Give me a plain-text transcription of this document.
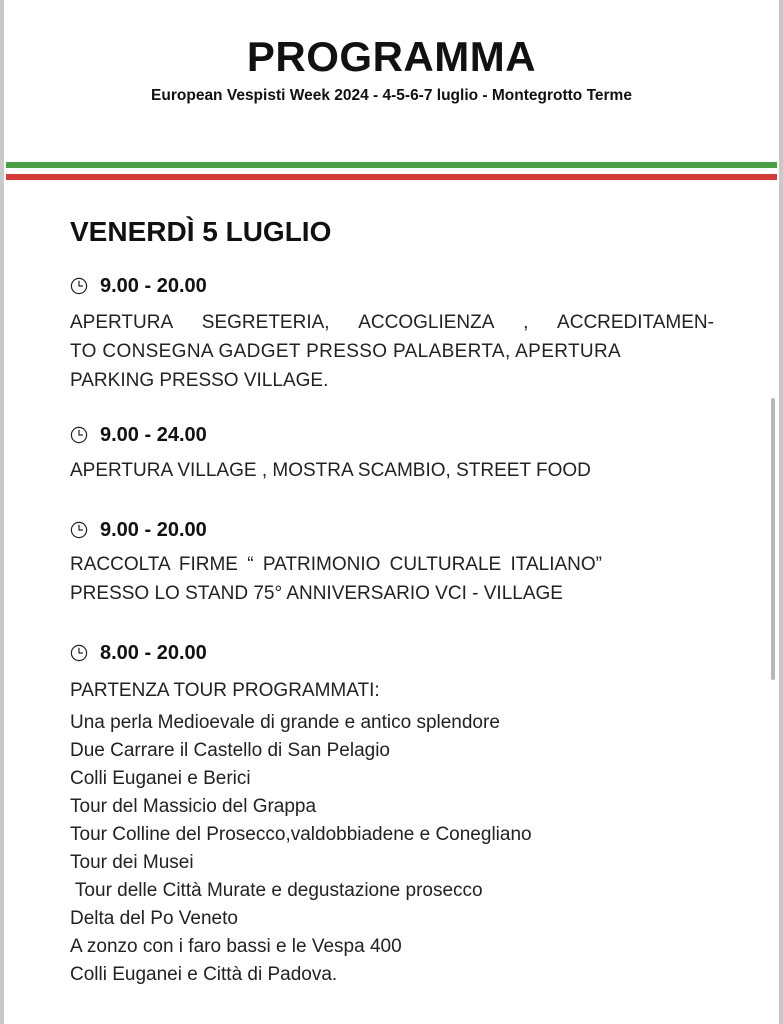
PROGRAMMA
European Vespisti Week 2024 - 4-5-6-7 luglio - Montegrotto Terme
VENERDÌ 5 LUGLIO
9.00 - 20.00
APERTURA SEGRETERIA, ACCOGLIENZA , ACCREDITAMEN-
TO CONSEGNA GADGET PRESSO PALABERTA, APERTURA
PARKING PRESSO VILLAGE.
9.00 - 24.00
APERTURA VILLAGE , MOSTRA SCAMBIO, STREET FOOD
9.00 - 20.00
RACCOLTA FIRME “ PATRIMONIO CULTURALE ITALIANO”
PRESSO LO STAND 75° ANNIVERSARIO VCI - VILLAGE
8.00 - 20.00
PARTENZA TOUR PROGRAMMATI:
Una perla Medioevale di grande e antico splendore
Due Carrare il Castello di San Pelagio
Colli Euganei e Berici
Tour del Massicio del Grappa
Tour Colline del Prosecco,valdobbiadene e Conegliano
Tour dei Musei
Tour delle Città Murate e degustazione prosecco
Delta del Po Veneto
A zonzo con i faro bassi e le Vespa 400
Colli Euganei e Città di Padova.
